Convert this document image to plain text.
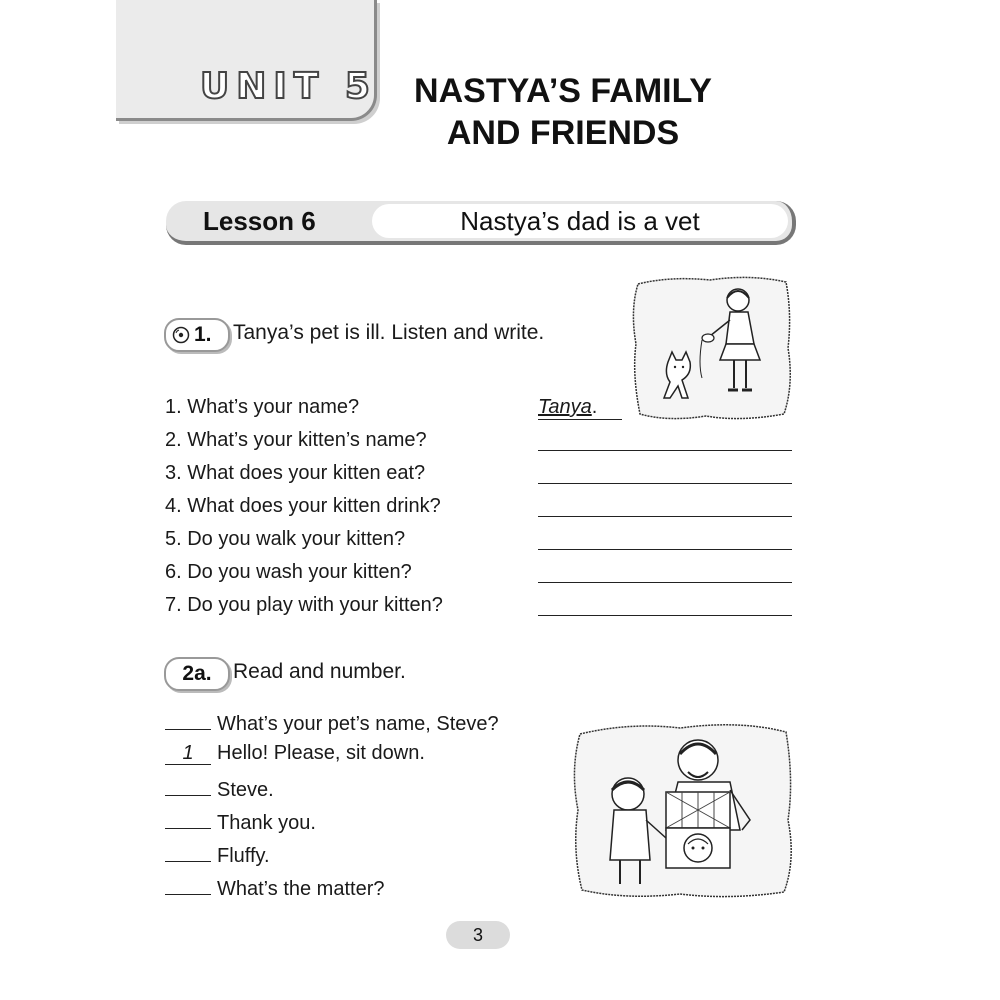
UNIT 5	NASTYA’S FAMILY
AND FRIENDS
Lesson 6	Nastya’s dad is a vet
1. Tanya’s pet is ill. Listen and write.
1. What’s your name?	Tanya.
2. What’s your kitten’s name?
3. What does your kitten eat?
4. What does your kitten drink?
5. Do you walk your kitten?
6. Do you wash your kitten?
7. Do you play with your kitten?
2a.	Read and number.
What’s your pet’s name, Steve?
1 Hello! Please, sit down.
Steve.
Thank you.
Fluffy.
What’s the matter?
3
